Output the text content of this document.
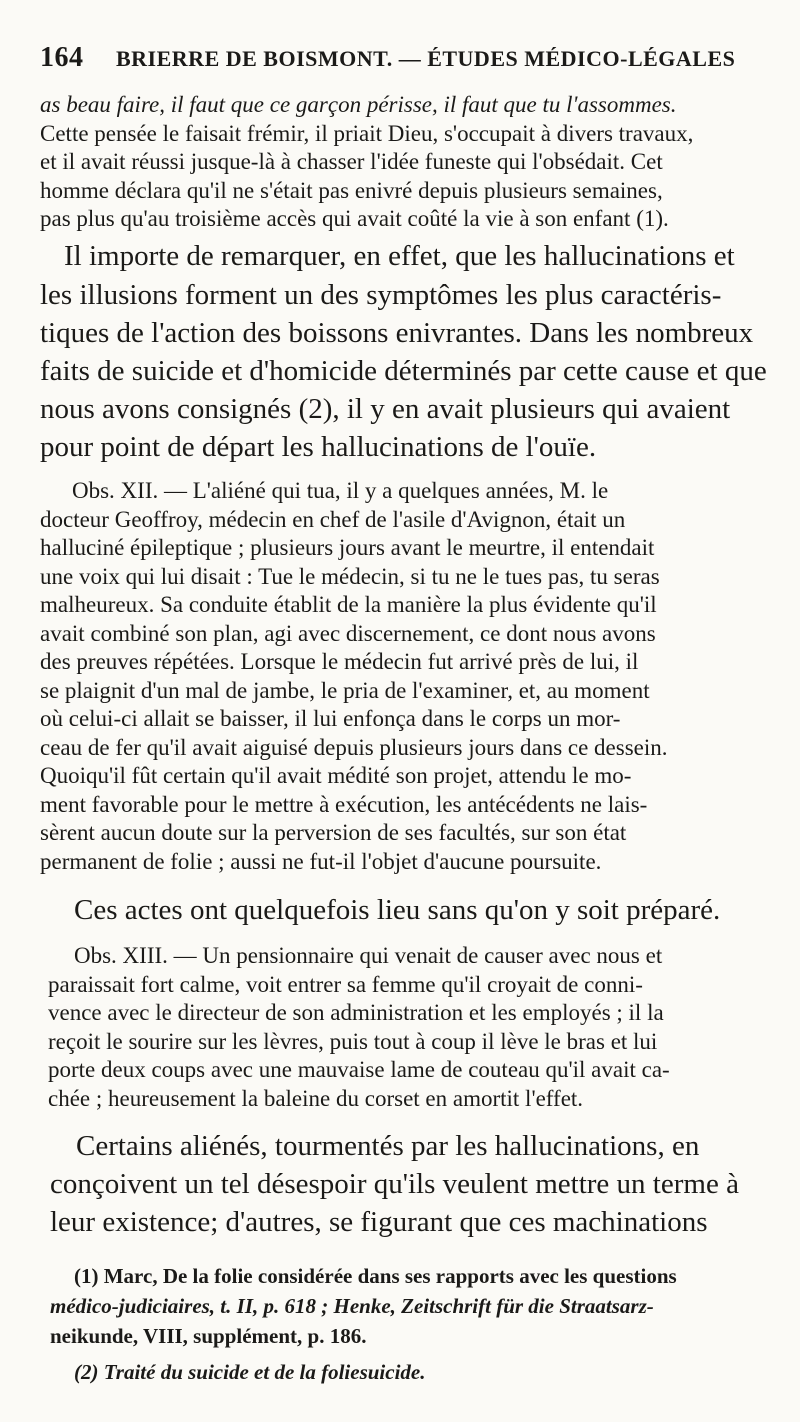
164 BRIERRE DE BOISMONT. — ÉTUDES MÉDICO-LÉGALES
as beau faire, il faut que ce garçon périsse, il faut que tu l'assommes.
Cette pensée le faisait frémir, il priait Dieu, s'occupait à divers travaux,
et il avait réussi jusque-là à chasser l'idée funeste qui l'obsédait. Cet
homme déclara qu'il ne s'était pas enivré depuis plusieurs semaines,
pas plus qu'au troisième accès qui avait coûté la vie à son enfant (1).
Il importe de remarquer, en effet, que les hallucinations et
les illusions forment un des symptômes les plus caractéris-
tiques de l'action des boissons enivrantes. Dans les nombreux
faits de suicide et d'homicide déterminés par cette cause et que
nous avons consignés (2), il y en avait plusieurs qui avaient
pour point de départ les hallucinations de l'ouïe.
Obs. XII. — L'aliéné qui tua, il y a quelques années, M. le
docteur Geoffroy, médecin en chef de l'asile d'Avignon, était un
halluciné épileptique ; plusieurs jours avant le meurtre, il entendait
une voix qui lui disait : Tue le médecin, si tu ne le tues pas, tu seras
malheureux. Sa conduite établit de la manière la plus évidente qu'il
avait combiné son plan, agi avec discernement, ce dont nous avons
des preuves répétées. Lorsque le médecin fut arrivé près de lui, il
se plaignit d'un mal de jambe, le pria de l'examiner, et, au moment
où celui-ci allait se baisser, il lui enfonça dans le corps un mor-
ceau de fer qu'il avait aiguisé depuis plusieurs jours dans ce dessein.
Quoiqu'il fût certain qu'il avait médité son projet, attendu le mo-
ment favorable pour le mettre à exécution, les antécédents ne lais-
sèrent aucun doute sur la perversion de ses facultés, sur son état
permanent de folie ; aussi ne fut-il l'objet d'aucune poursuite.
Ces actes ont quelquefois lieu sans qu'on y soit préparé.
Obs. XIII. — Un pensionnaire qui venait de causer avec nous et
paraissait fort calme, voit entrer sa femme qu'il croyait de conni-
vence avec le directeur de son administration et les employés ; il la
reçoit le sourire sur les lèvres, puis tout à coup il lève le bras et lui
porte deux coups avec une mauvaise lame de couteau qu'il avait ca-
chée ; heureusement la baleine du corset en amortit l'effet.
Certains aliénés, tourmentés par les hallucinations, en
conçoivent un tel désespoir qu'ils veulent mettre un terme à
leur existence; d'autres, se figurant que ces machinations
(1) Marc, De la folie considérée dans ses rapports avec les questions
médico-judiciaires, t. II, p. 618 ; Henke, Zeitschrift für die Straatsarz-
neikunde, VIII, supplément, p. 186.
(2) Traité du suicide et de la foliesuicide.
